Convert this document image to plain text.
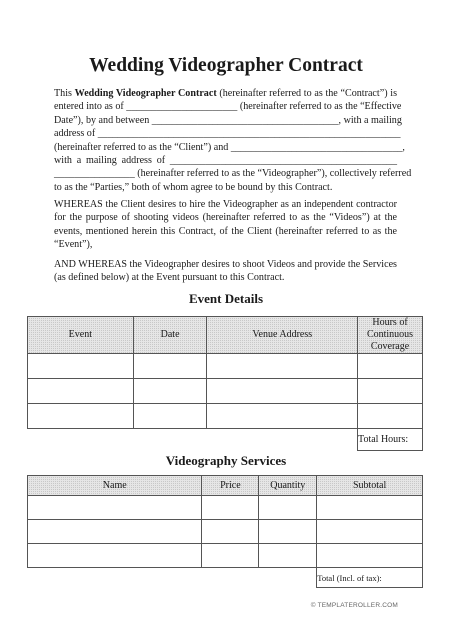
Wedding Videographer Contract
This Wedding Videographer Contract (hereinafter referred to as the “Contract”) is
entered into as of ______________________ (hereinafter referred to as the “Effective
Date”), by and between _____________________________________, with a mailing
address of ____________________________________________________________
(hereinafter referred to as the “Client”) and __________________________________,
with a mailing address of _____________________________________________
________________ (hereinafter referred to as the “Videographer”), collectively referred
to as the “Parties,” both of whom agree to be bound by this Contract.
WHEREAS the Client desires to hire the Videographer as an independent contractor
for the purpose of shooting videos (hereinafter referred to as the “Videos”) at the
events, mentioned herein this Contract, of the Client (hereinafter referred to as the
“Event”),
AND WHEREAS the Videographer desires to shoot Videos and provide the Services
(as defined below) at the Event pursuant to this Contract.
Event Details
Event	Date	Venue Address	Hours of Continuous Coverage

			Total Hours:
Videography Services
Name	Price	Quantity	Subtotal

			Total (Incl. of tax):
© TEMPLATEROLLER.COM
